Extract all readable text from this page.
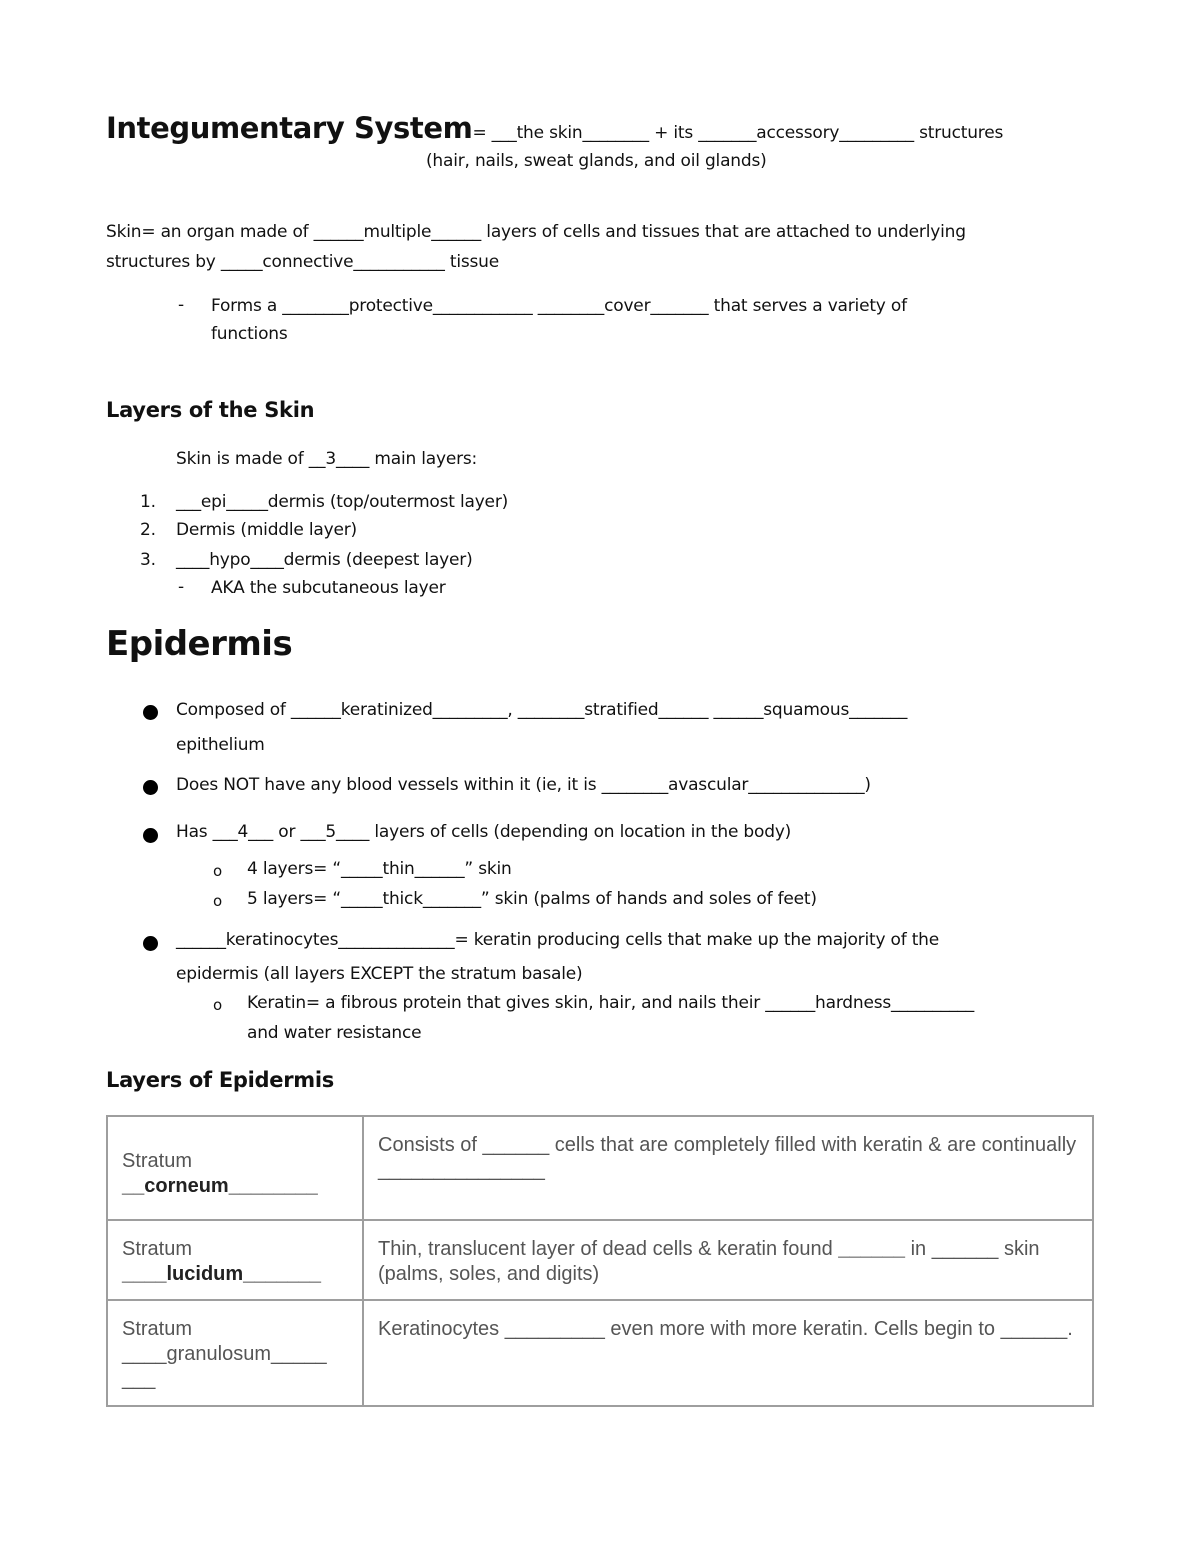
Integumentary System= ___the skin________ + its _______accessory_________ structures
(hair, nails, sweat glands, and oil glands)
Skin= an organ made of ______multiple______ layers of cells and tissues that are attached to underlying
structures by _____connective___________ tissue
- Forms a ________protective____________ ________cover_______ that serves a variety of
functions
Layers of the Skin
Skin is made of __3____ main layers:
1. ___epi_____dermis (top/outermost layer)
2. Dermis (middle layer)
3. ____hypo____dermis (deepest layer)
- AKA the subcutaneous layer
Epidermis
Composed of ______keratinized_________, ________stratified______ ______squamous_______
epithelium
Does NOT have any blood vessels within it (ie, it is ________avascular______________)
Has ___4___ or ___5____ layers of cells (depending on location in the body)
o 4 layers= “_____thin______” skin
o 5 layers= “_____thick_______” skin (palms of hands and soles of feet)
______keratinocytes______________= keratin producing cells that make up the majority of the
epidermis (all layers EXCEPT the stratum basale)
o Keratin= a fibrous protein that gives skin, hair, and nails their ______hardness__________
and water resistance
Layers of Epidermis
Stratum
__corneum________	Consists of ______ cells that are completely filled with keratin & are continually _______________

Stratum
____lucidum_______	Thin, translucent layer of dead cells & keratin found ______ in ______ skin (palms, soles, and digits)

Stratum
____granulosum_____
___	Keratinocytes _________ even more with more keratin. Cells begin to ______.
